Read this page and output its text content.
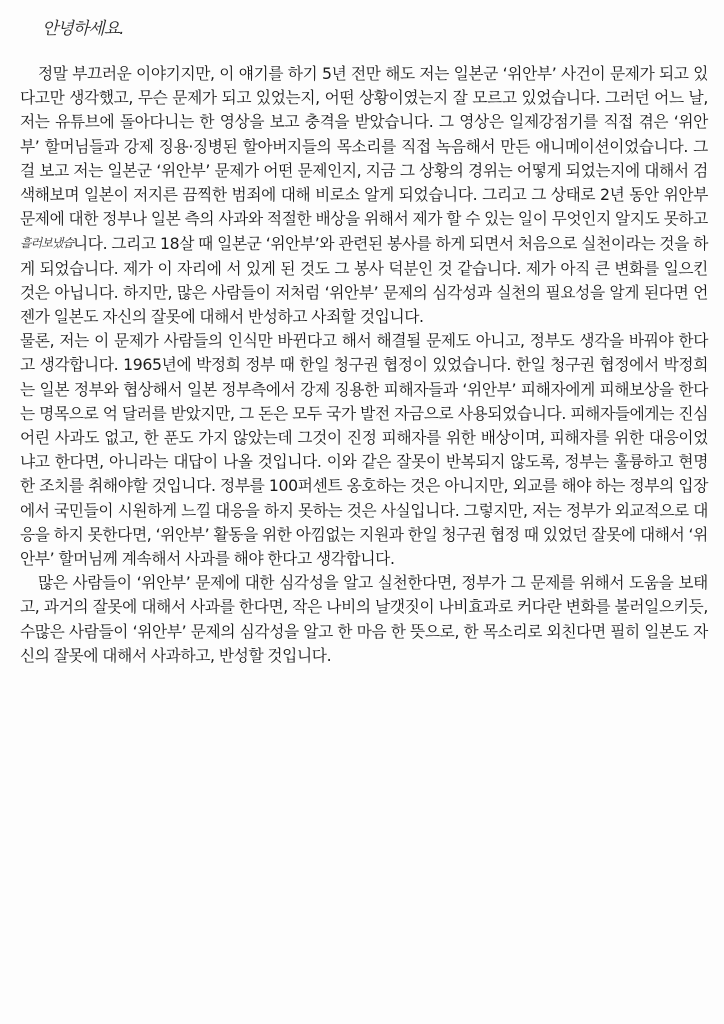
안녕하세요.

정말 부끄러운 이야기지만, 이 얘기를 하기 5년 전만 해도 저는 일본군 ‘위안부’ 사건이 문제가 되고 있다고만 생각했고, 무슨 문제가 되고 있었는지, 어떤 상황이였는지 잘 모르고 있었습니다. 그러던 어느 날, 저는 유튜브에 돌아다니는 한 영상을 보고 충격을 받았습니다. 그 영상은 일제강점기를 직접 겪은 ‘위안부’ 할머님들과 강제 징용·징병된 할아버지들의 목소리를 직접 녹음해서 만든 애니메이션이었습니다. 그걸 보고 저는 일본군 ‘위안부’ 문제가 어떤 문제인지, 지금 그 상황의 경위는 어떻게 되었는지에 대해서 검색해보며 일본이 저지른 끔찍한 범죄에 대해 비로소 알게 되었습니다. 그리고 그 상태로 2년 동안 위안부 문제에 대한 정부나 일본 측의 사과와 적절한 배상을 위해서 제가 할 수 있는 일이 무엇인지 알지도 못하고 흘러보냈습니다. 그리고 18살 때 일본군 ‘위안부’와 관련된 봉사를 하게 되면서 처음으로 실천이라는 것을 하게 되었습니다. 제가 이 자리에 서 있게 된 것도 그 봉사 덕분인 것 같습니다. 제가 아직 큰 변화를 일으킨 것은 아닙니다. 하지만, 많은 사람들이 저처럼 ‘위안부’ 문제의 심각성과 실천의 필요성을 알게 된다면 언젠가 일본도 자신의 잘못에 대해서 반성하고 사죄할 것입니다.

물론, 저는 이 문제가 사람들의 인식만 바뀐다고 해서 해결될 문제도 아니고, 정부도 생각을 바꿔야 한다고 생각합니다. 1965년에 박정희 정부 때 한일 청구권 협정이 있었습니다. 한일 청구권 협정에서 박정희는 일본 정부와 협상해서 일본 정부측에서 강제 징용한 피해자들과 ‘위안부’ 피해자에게 피해보상을 한다는 명목으로 억 달러를 받았지만, 그 돈은 모두 국가 발전 자금으로 사용되었습니다. 피해자들에게는 진심 어린 사과도 없고, 한 푼도 가지 않았는데 그것이 진정 피해자를 위한 배상이며, 피해자를 위한 대응이었냐고 한다면, 아니라는 대답이 나올 것입니다. 이와 같은 잘못이 반복되지 않도록, 정부는 훌륭하고 현명한 조치를 취해야할 것입니다. 정부를 100퍼센트 옹호하는 것은 아니지만, 외교를 해야 하는 정부의 입장에서 국민들이 시원하게 느낄 대응을 하지 못하는 것은 사실입니다. 그렇지만, 저는 정부가 외교적으로 대응을 하지 못한다면, ‘위안부’ 활동을 위한 아낌없는 지원과 한일 청구권 협정 때 있었던 잘못에 대해서 ‘위안부’ 할머님께 계속해서 사과를 해야 한다고 생각합니다.

많은 사람들이 ‘위안부’ 문제에 대한 심각성을 알고 실천한다면, 정부가 그 문제를 위해서 도움을 보태고, 과거의 잘못에 대해서 사과를 한다면, 작은 나비의 날갯짓이 나비효과로 커다란 변화를 불러일으키듯, 수많은 사람들이 ‘위안부’ 문제의 심각성을 알고 한 마음 한 뜻으로, 한 목소리로 외친다면 필히 일본도 자신의 잘못에 대해서 사과하고, 반성할 것입니다.
